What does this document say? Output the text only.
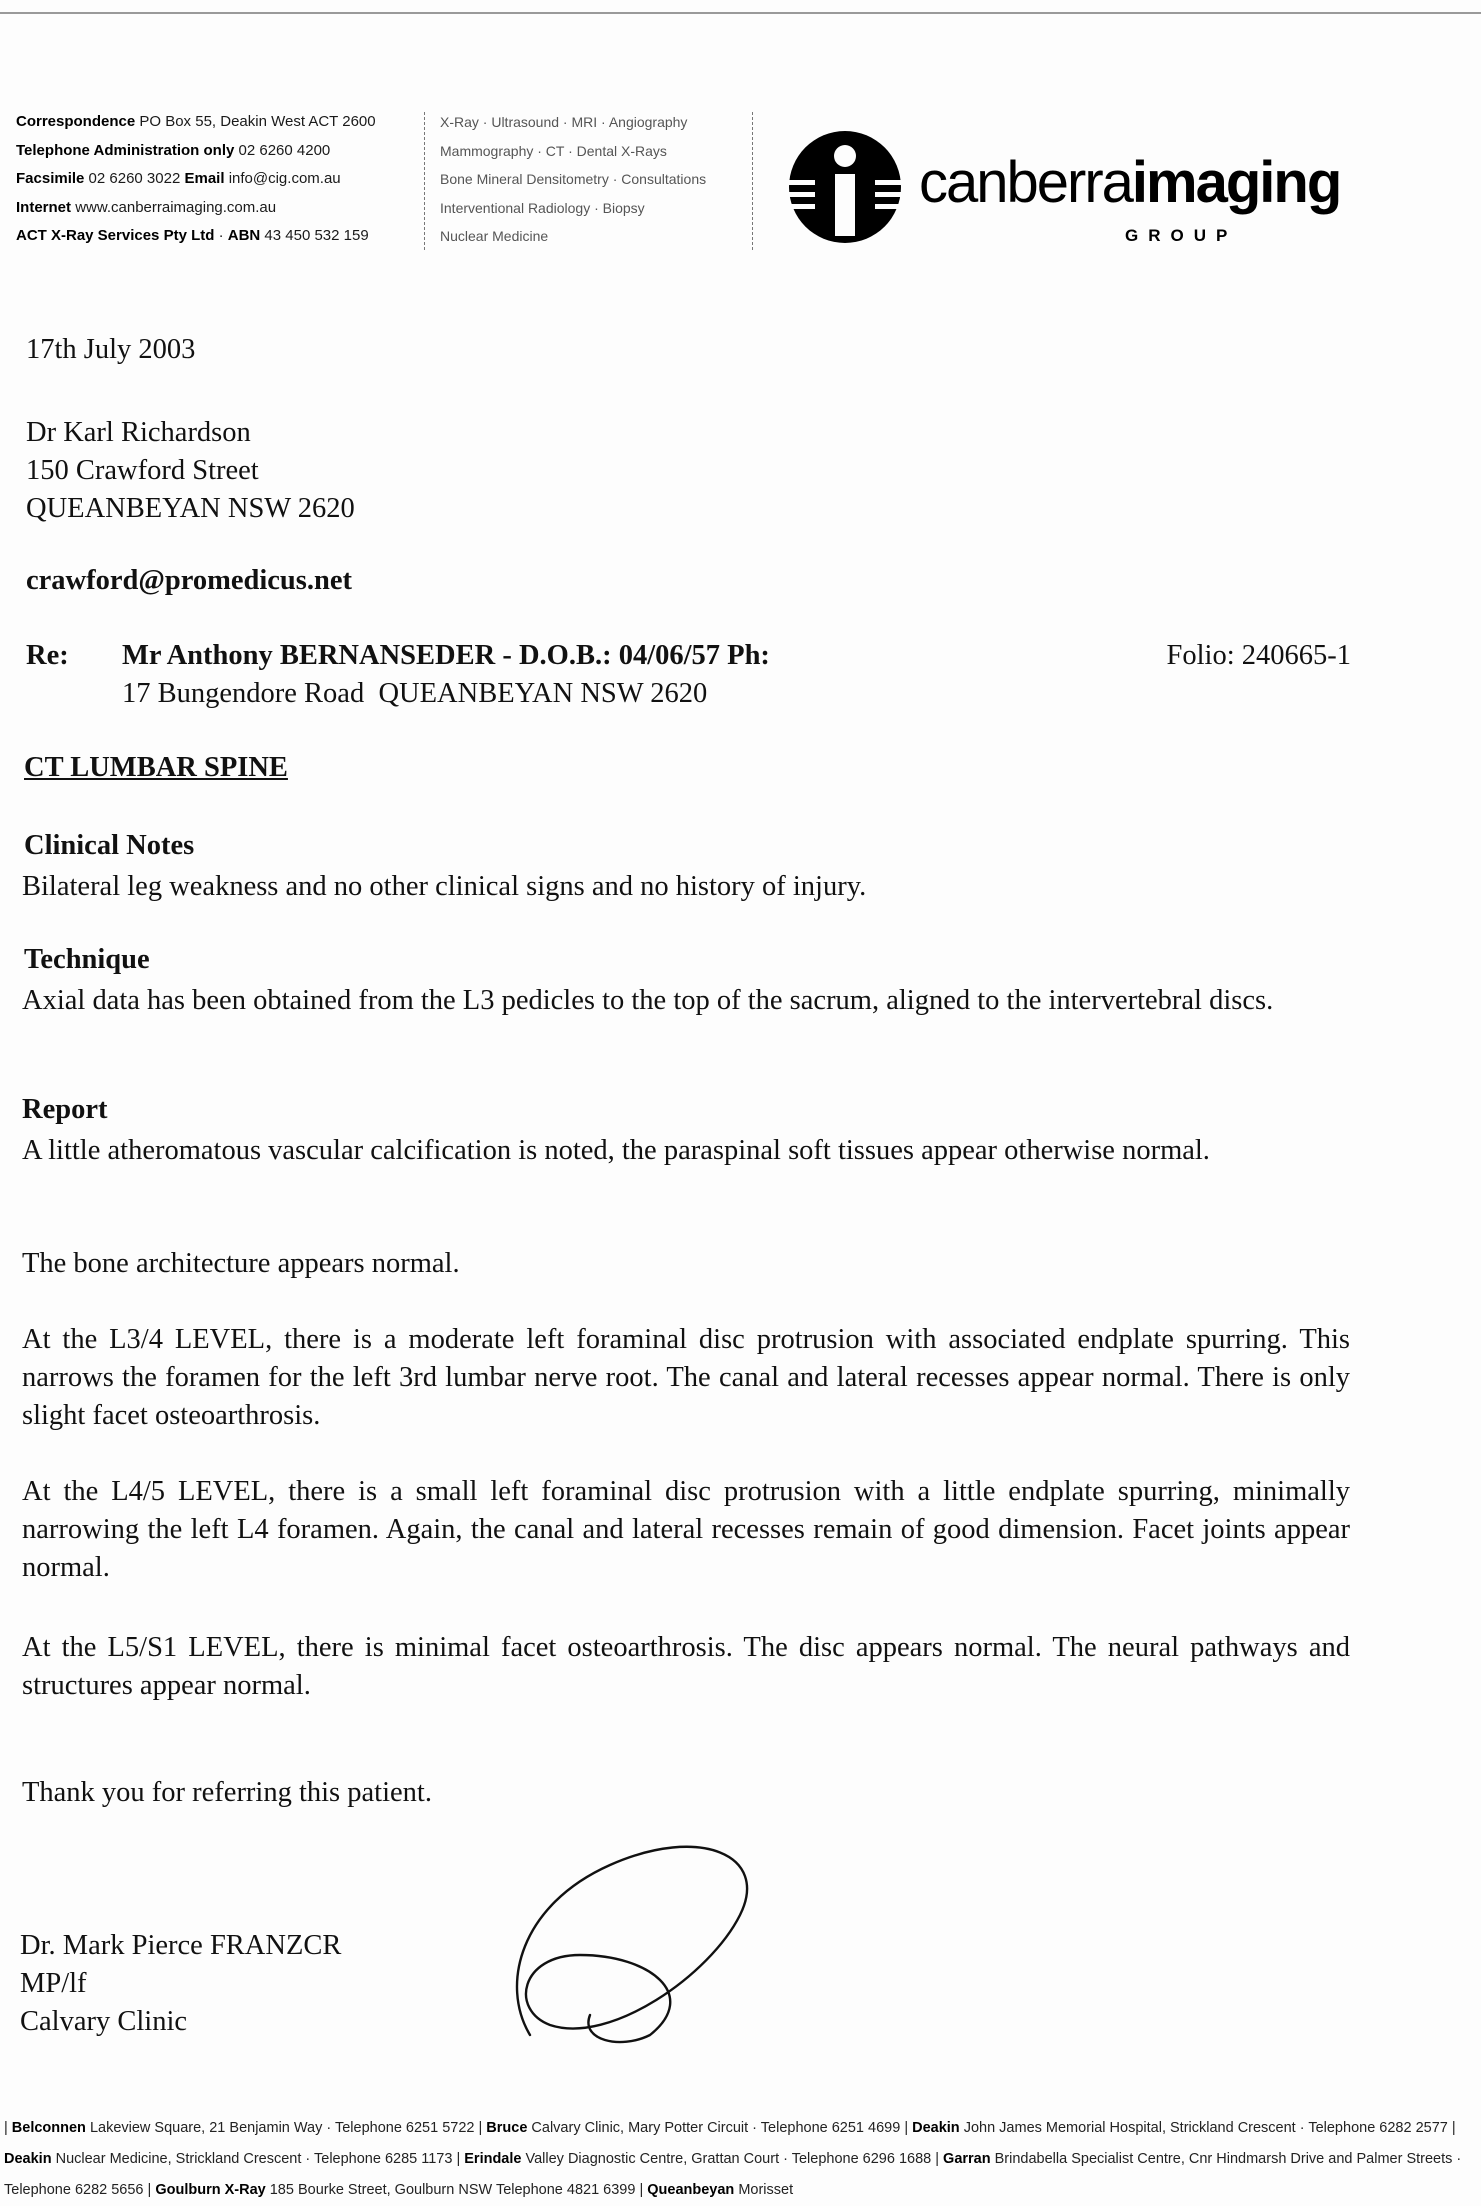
Correspondence PO Box 55, Deakin West ACT 2600
Telephone Administration only 02 6260 4200
Facsimile 02 6260 3022 Email info@cig.com.au
Internet www.canberraimaging.com.au
ACT X-Ray Services Pty Ltd · ABN 43 450 532 159
X-Ray · Ultrasound · MRI · Angiography
Mammography · CT · Dental X-Rays
Bone Mineral Densitometry · Consultations
Interventional Radiology · Biopsy
Nuclear Medicine
canberraimaging
GROUP
17th July 2003
Dr Karl Richardson
150 Crawford Street
QUEANBEYAN NSW 2620
crawford@promedicus.net
Re: Mr Anthony BERNANSEDER - D.O.B.: 04/06/57 Ph:
17 Bungendore Road  QUEANBEYAN NSW 2620
Folio: 240665-1
CT LUMBAR SPINE
Clinical Notes
Bilateral leg weakness and no other clinical signs and no history of injury.
Technique
Axial data has been obtained from the L3 pedicles to the top of the sacrum, aligned to the intervertebral discs.
Report
A little atheromatous vascular calcification is noted, the paraspinal soft tissues appear otherwise normal.
The bone architecture appears normal.
At the L3/4 LEVEL, there is a moderate left foraminal disc protrusion with associated endplate spurring. This narrows the foramen for the left 3rd lumbar nerve root. The canal and lateral recesses appear normal. There is only slight facet osteoarthrosis.
At the L4/5 LEVEL, there is a small left foraminal disc protrusion with a little endplate spurring, minimally narrowing the left L4 foramen. Again, the canal and lateral recesses remain of good dimension. Facet joints appear normal.
At the L5/S1 LEVEL, there is minimal facet osteoarthrosis. The disc appears normal. The neural pathways and structures appear normal.
Thank you for referring this patient.
Dr. Mark Pierce FRANZCR
MP/lf
Calvary Clinic
| Belconnen Lakeview Square, 21 Benjamin Way · Telephone 6251 5722 | Bruce Calvary Clinic, Mary Potter Circuit · Telephone 6251 4699 | Deakin John James Memorial Hospital, Strickland Crescent · Telephone 6282 2577 | Deakin Nuclear Medicine, Strickland Crescent · Telephone 6285 1173 | Erindale Valley Diagnostic Centre, Grattan Court · Telephone 6296 1688 | Garran Brindabella Specialist Centre, Cnr Hindmarsh Drive and Palmer Streets · Telephone 6282 5656 | Goulburn X-Ray 185 Bourke Street, Goulburn NSW Telephone 4821 6399 | Queanbeyan Morisset
